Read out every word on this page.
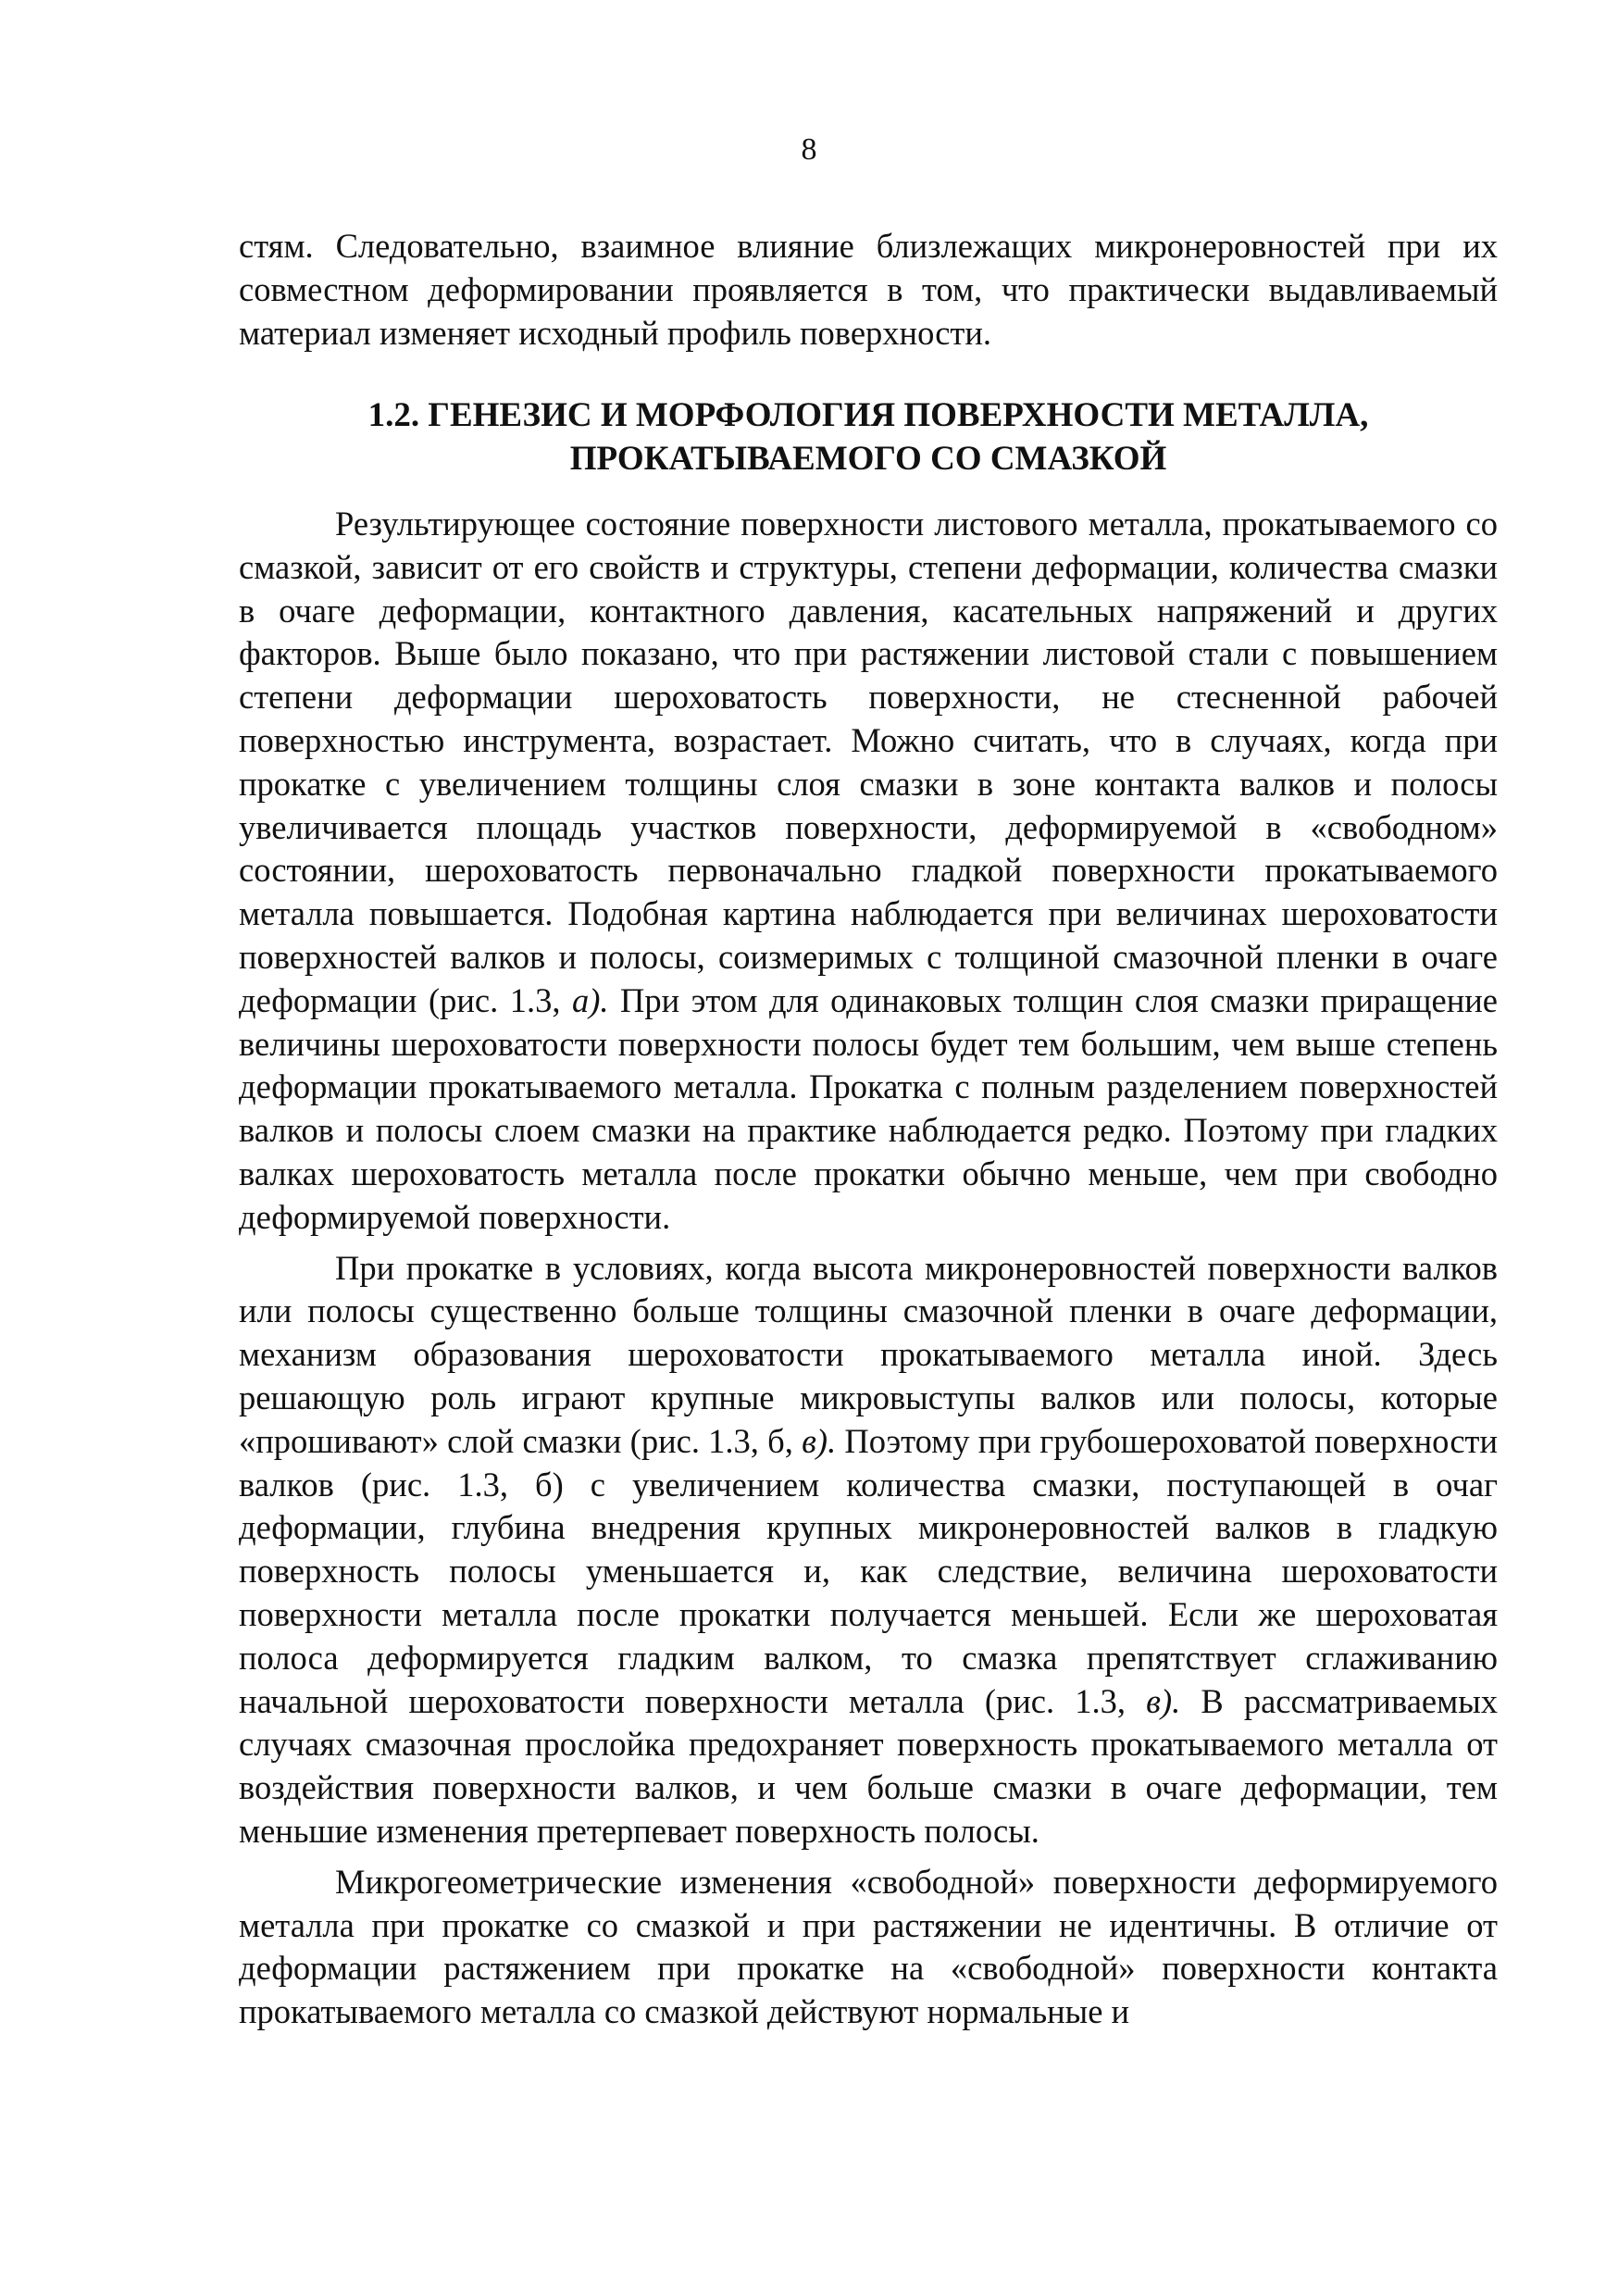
8

стям. Следовательно, взаимное влияние близлежащих микронеровностей при их совместном деформировании проявляется в том, что практически выдавливаемый материал изменяет исходный профиль поверхности.

1.2. ГЕНЕЗИС И МОРФОЛОГИЯ ПОВЕРХНОСТИ МЕТАЛЛА,
ПРОКАТЫВАЕМОГО СО СМАЗКОЙ

Результирующее состояние поверхности листового металла, прокатываемого со смазкой, зависит от его свойств и структуры, степени деформации, количества смазки в очаге деформации, контактного давления, касательных напряжений и других факторов. Выше было показано, что при растяжении листовой стали с повышением степени деформации шероховатость поверхности, не стесненной рабочей поверхностью инструмента, возрастает. Можно считать, что в случаях, когда при прокатке с увеличением толщины слоя смазки в зоне контакта валков и полосы увеличивается площадь участков поверхности, деформируемой в «свободном» состоянии, шероховатость первоначально гладкой поверхности прокатываемого металла повышается. Подобная картина наблюдается при величинах шероховатости поверхностей валков и полосы, соизмеримых с толщиной смазочной пленки в очаге деформации (рис. 1.3, а). При этом для одинаковых толщин слоя смазки приращение величины шероховатости поверхности полосы будет тем большим, чем выше степень деформации прокатываемого металла. Прокатка с полным разделением поверхностей валков и полосы слоем смазки на практике наблюдается редко. Поэтому при гладких валках шероховатость металла после прокатки обычно меньше, чем при свободно деформируемой поверхности.

При прокатке в условиях, когда высота микронеровностей поверхности валков или полосы существенно больше толщины смазочной пленки в очаге деформации, механизм образования шероховатости прокатываемого металла иной. Здесь решающую роль играют крупные микровыступы валков или полосы, которые «прошивают» слой смазки (рис. 1.3, б, в). Поэтому при грубошероховатой поверхности валков (рис. 1.3, б) с увеличением количества смазки, поступающей в очаг деформации, глубина внедрения крупных микронеровностей валков в гладкую поверхность полосы уменьшается и, как следствие, величина шероховатости поверхности металла после прокатки получается меньшей. Если же шероховатая полоса деформируется гладким валком, то смазка препятствует сглаживанию начальной шероховатости поверхности металла (рис. 1.3, в). В рассматриваемых случаях смазочная прослойка предохраняет поверхность прокатываемого металла от воздействия поверхности валков, и чем больше смазки в очаге деформации, тем меньшие изменения претерпевает поверхность полосы.

Микрогеометрические изменения «свободной» поверхности деформируемого металла при прокатке со смазкой и при растяжении не идентичны. В отличие от деформации растяжением при прокатке на «свободной» поверхности контакта прокатываемого металла со смазкой действуют нормальные и
